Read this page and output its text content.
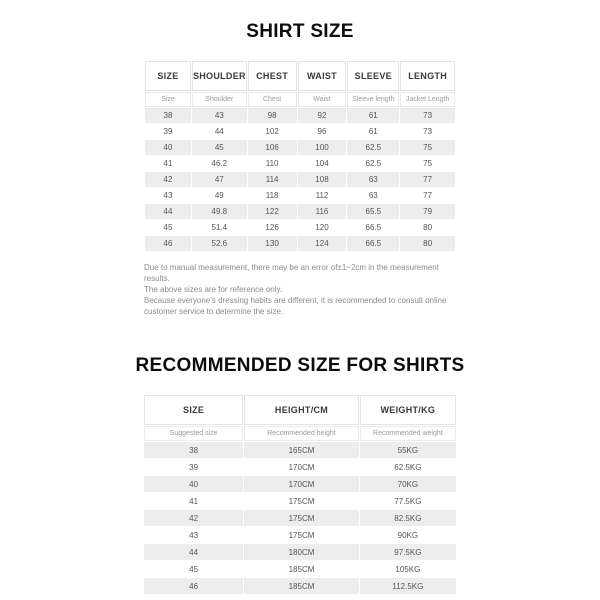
SHIRT SIZE
SIZE	SHOULDER	CHEST	WAIST	SLEEVE	LENGTH
Size	Shoulder	Chest	Waist	Sleeve length	Jacket Length
38	43	98	92	61	73
39	44	102	96	61	73
40	45	106	100	62.5	75
41	46.2	110	104	62.5	75
42	47	114	108	63	77
43	49	118	112	63	77
44	49.8	122	116	65.5	79
45	51.4	126	120	66.5	80
46	52.6	130	124	66.5	80
Due to manual measurement, there may be an error of±1~2cm in the measurement results.
The above sizes are for reference only.
Because everyone's dressing habits are different, it is recommended to consult online customer service to determine the size.
RECOMMENDED SIZE FOR SHIRTS
SIZE	HEIGHT/CM	WEIGHT/KG
Suggested size	Recommended height	Recommended weight
38	165CM	55KG
39	170CM	62.5KG
40	170CM	70KG
41	175CM	77.5KG
42	175CM	82.5KG
43	175CM	90KG
44	180CM	97.5KG
45	185CM	105KG
46	185CM	112.5KG
